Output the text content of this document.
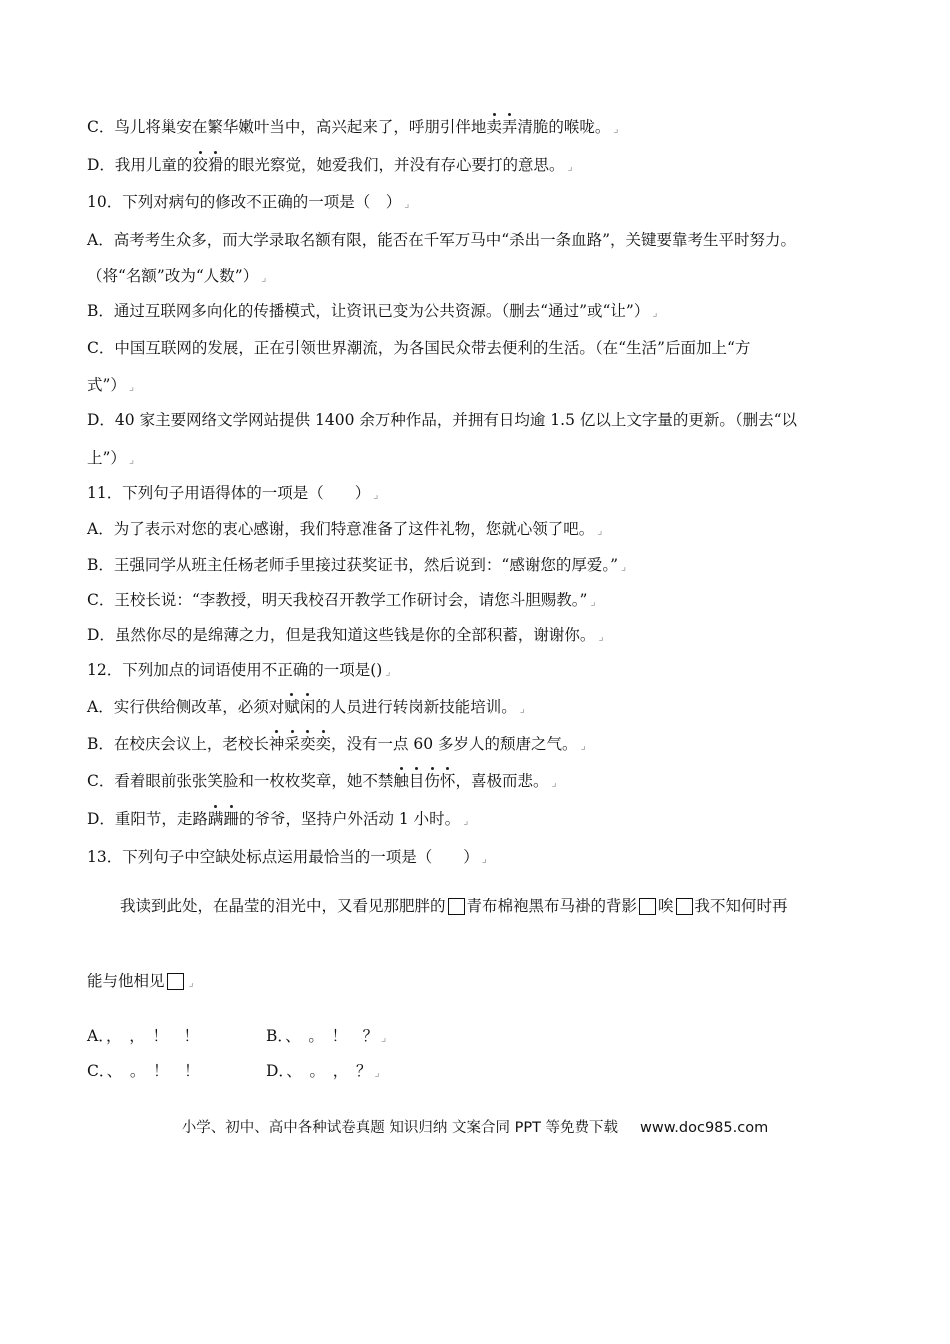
C．鸟儿将巢安在繁华嫩叶当中，高兴起来了，呼朋引伴地卖弄清脆的喉咙。 ⌟
D．我用儿童的狡猾的眼光察觉，她爱我们，并没有存心要打的意思。 ⌟
10．下列对病句的修改不正确的一项是（　） ⌟
A．高考考生众多，而大学录取名额有限，能否在千军万马中“杀出一条血路”，关键要靠考生平时努力。
（将“名额”改为“人数”） ⌟
B．通过互联网多向化的传播模式，让资讯已变为公共资源。（删去“通过”或“让”） ⌟
C．中国互联网的发展，正在引领世界潮流，为各国民众带去便利的生活。（在“生活”后面加上“方
式”） ⌟
D．40 家主要网络文学网站提供 1400 余万种作品，并拥有日均逾 1.5 亿以上文字量的更新。（删去“以
上”） ⌟
11．下列句子用语得体的一项是（　　） ⌟
A．为了表示对您的衷心感谢，我们特意准备了这件礼物，您就心领了吧。 ⌟
B．王强同学从班主任杨老师手里接过获奖证书，然后说到：“感谢您的厚爱。” ⌟
C．王校长说：“李教授，明天我校召开教学工作研讨会，请您斗胆赐教。” ⌟
D．虽然你尽的是绵薄之力，但是我知道这些钱是你的全部积蓄，谢谢你。 ⌟
12．下列加点的词语使用不正确的一项是() ⌟
A．实行供给侧改革，必须对赋闲的人员进行转岗新技能培训。 ⌟
B．在校庆会议上，老校长神采奕奕，没有一点 60 多岁人的颓唐之气。 ⌟
C．看着眼前张张笑脸和一枚枚奖章，她不禁触目伤怀，喜极而悲。 ⌟
D．重阳节，走路蹒跚的爷爷，坚持户外活动 1 小时。 ⌟
13．下列句子中空缺处标点运用最恰当的一项是（　　） ⌟
我读到此处，在晶莹的泪光中，又看见那肥胖的 青布棉袍黑布马褂的背影 唉 我不知何时再
能与他相见 ⌟
A．，　，　！　！	B．、　。　！　？ ⌟
C．、　。　！　！	D．、　。　，　？ ⌟
小学、初中、高中各种试卷真题 知识归纳 文案合同 PPT 等免费下载 www.doc985.com
